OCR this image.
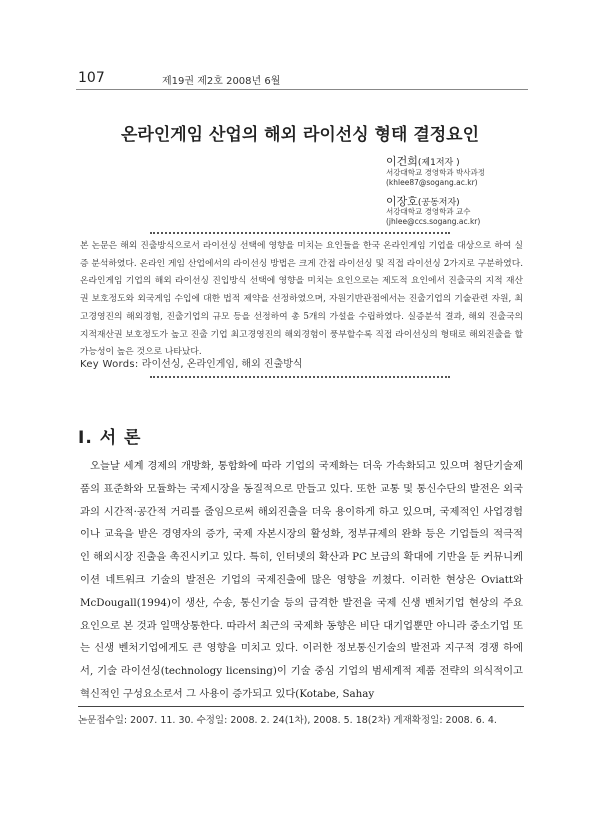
107	제19권 제2호 2008년 6월
온라인게임 산업의 해외 라이선싱 형태 결정요인
이건희(제1저자 )
서강대학교 경영학과 박사과정
(khlee87@sogang.ac.kr)
이장호(공동저자)
서강대학교 경영학과 교수
(jhlee@ccs.sogang.ac.kr)
본 논문은 해외 진출방식으로서 라이선싱 선택에 영향을 미치는 요인들을 한국 온라인게임 기업을 대상으로 하여 실증 분석하였다. 온라인 게임 산업에서의 라이선싱 방법은 크게 간접 라이선싱 및 직접 라이선싱 2가지로 구분하였다. 온라인게임 기업의 해외 라이선싱 진입방식 선택에 영향을 미치는 요인으로는 제도적 요인에서 진출국의 지적 재산권 보호정도와 외국게임 수입에 대한 법적 제약을 선정하였으며, 자원기반관점에서는 진출기업의 기술관련 자원, 최고경영진의 해외경험, 진출기업의 규모 등을 선정하여 총 5개의 가설을 수립하였다. 실증분석 결과, 해외 진출국의 지적재산권 보호정도가 높고 진출 기업 최고경영진의 해외경험이 풍부할수록 직접 라이선싱의 형태로 해외진출을 할 가능성이 높은 것으로 나타났다.
Key Words: 라이선싱, 온라인게임, 해외 진출방식
Ⅰ. 서 론

오늘날 세계 경제의 개방화, 통합화에 따라 기업의 국제화는 더욱 가속화되고 있으며 첨단기술제품의 표준화와 모듈화는 국제시장을 동질적으로 만들고 있다. 또한 교통 및 통신수단의 발전은 외국과의 시간적·공간적 거리를 줄임으로써 해외진출을 더욱 용이하게 하고 있으며, 국제적인 사업경험이나 교육을 받은 경영자의 증가, 국제 자본시장의 활성화, 정부규제의 완화 등은 기업들의 적극적인 해외시장 진출을 촉진시키고 있다. 특히, 인터넷의 확산과 PC 보급의 확대에 기반을 둔 커뮤니케이션 네트워크 기술의 발전은 기업의 국제진출에 많은 영향을 끼쳤다. 이러한 현상은 Oviatt와 McDougall(1994)이 생산, 수송, 통신기술 등의 급격한 발전을 국제 신생 벤처기업 현상의 주요 요인으로 본 것과 일맥상통한다. 따라서 최근의 국제화 동향은 비단 대기업뿐만 아니라 중소기업 또는 신생 벤처기업에게도 큰 영향을 미치고 있다. 이러한 정보통신기술의 발전과 지구적 경쟁 하에서, 기술 라이선싱(technology licensing)이 기술 중심 기업의 범세계적 제품 전략의 의식적이고 혁신적인 구성요소로서 그 사용이 증가되고 있다(Kotabe, Sahay

논문접수일: 2007. 11. 30. 수정일: 2008. 2. 24(1차), 2008. 5. 18(2차) 게재확정일: 2008. 6. 4.
